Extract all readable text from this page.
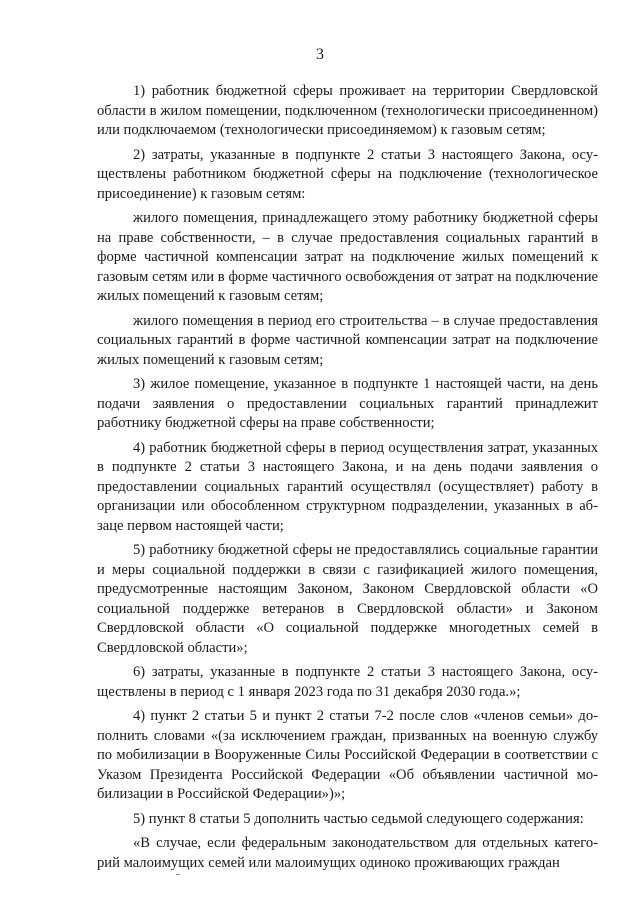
3

1) работник бюджетной сферы проживает на территории Свердловской области в жилом помещении, подключенном (технологически присоединенном) или подключаемом (технологически присоединяемом) к газовым сетям;

2) затраты, указанные в подпункте 2 статьи 3 настоящего Закона, осуществлены работником бюджетной сферы на подключение (технологическое присоединение) к газовым сетям:

жилого помещения, принадлежащего этому работнику бюджетной сферы на праве собственности, – в случае предоставления социальных гарантий в форме частичной компенсации затрат на подключение жилых помещений к газовым сетям или в форме частичного освобождения от затрат на подключение жилых помещений к газовым сетям;

жилого помещения в период его строительства – в случае предоставления социальных гарантий в форме частичной компенсации затрат на подключение жилых помещений к газовым сетям;

3) жилое помещение, указанное в подпункте 1 настоящей части, на день подачи заявления о предоставлении социальных гарантий принадлежит работнику бюджетной сферы на праве собственности;

4) работник бюджетной сферы в период осуществления затрат, указанных в подпункте 2 статьи 3 настоящего Закона, и на день подачи заявления о предоставлении социальных гарантий осуществлял (осуществляет) работу в организации или обособленном структурном подразделении, указанных в абзаце первом настоящей части;

5) работнику бюджетной сферы не предоставлялись социальные гарантии и меры социальной поддержки в связи с газификацией жилого помещения, предусмотренные настоящим Законом, Законом Свердловской области «О социальной поддержке ветеранов в Свердловской области» и Законом Свердловской области «О социальной поддержке многодетных семей в Свердловской области»;

6) затраты, указанные в подпункте 2 статьи 3 настоящего Закона, осуществлены в период с 1 января 2023 года по 31 декабря 2030 года.»;

4) пункт 2 статьи 5 и пункт 2 статьи 7-2 после слов «членов семьи» дополнить словами «(за исключением граждан, призванных на военную службу по мобилизации в Вооруженные Силы Российской Федерации в соответствии с Указом Президента Российской Федерации «Об объявлении частичной мобилизации в Российской Федерации»)»;

5) пункт 8 статьи 5 дополнить частью седьмой следующего содержания:

«В случае, если федеральным законодательством для отдельных категорий малоимущих семей или малоимущих одиноко проживающих граждан
